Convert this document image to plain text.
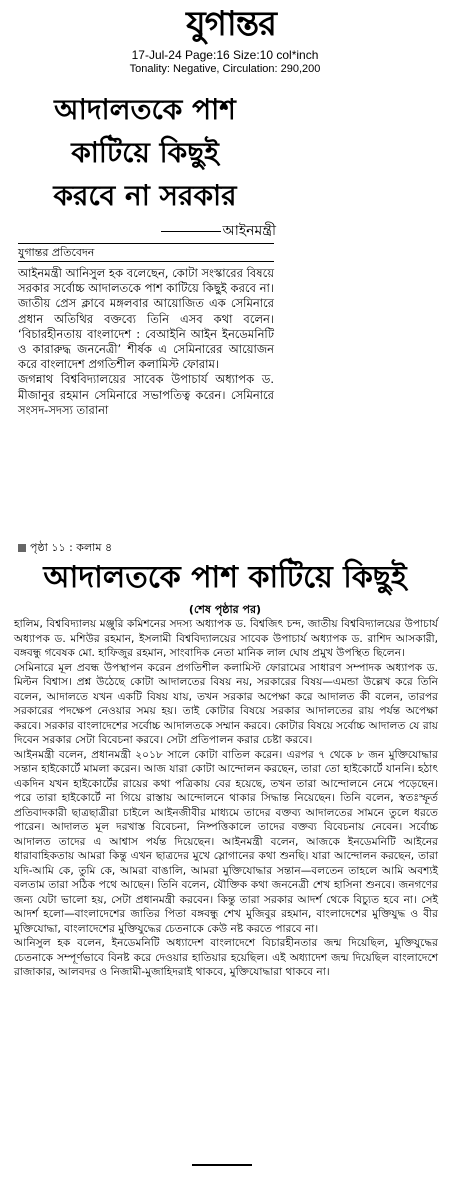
যুগান্তর
17-Jul-24 Page:16 Size:10 col*inch
Tonality: Negative, Circulation: 290,200
আদালতকে পাশ
কাটিয়ে কিছুই
করবে না সরকার
আইনমন্ত্রী
যুগান্তর প্রতিবেদন

আইনমন্ত্রী আনিসুল হক বলেছেন, কোটা সংস্কারের বিষয়ে সরকার সর্বোচ্চ আদালতকে পাশ কাটিয়ে কিছুই করবে না। জাতীয় প্রেস ক্লাবে মঙ্গলবার আয়োজিত এক সেমিনারে প্রধান অতিথির বক্তব্যে তিনি এসব কথা বলেন। ‘বিচারহীনতায় বাংলাদেশ : বেআইনি আইন ইনডেমনিটি ও কারারুদ্ধ জননেত্রী’ শীর্ষক এ সেমিনারের আয়োজন করে বাংলাদেশ প্রগতিশীল কলামিস্ট ফোরাম।

জগন্নাথ বিশ্ববিদ্যালয়ের সাবেক উপাচার্য অধ্যাপক ড. মীজানুর রহমান সেমিনারে সভাপতিত্ব করেন। সেমিনারে সংসদ-সদস্য তারানা

পৃষ্ঠা ১১ : কলাম ৪
আদালতকে পাশ কাটিয়ে কিছুই
(শেষ পৃষ্ঠার পর)

হালিম, বিশ্ববিদ্যালয় মঞ্জুরি কমিশনের সদস্য অধ্যাপক ড. বিশ্বজিৎ চন্দ, জাতীয় বিশ্ববিদ্যালয়ের উপাচার্য অধ্যাপক ড. মশিউর রহমান, ইসলামী বিশ্ববিদ্যালয়ের সাবেক উপাচার্য অধ্যাপক ড. রাশিদ আসকারী, বঙ্গবন্ধু গবেষক মো. হাফিজুর রহমান, সাংবাদিক নেতা মানিক লাল ঘোষ প্রমুখ উপস্থিত ছিলেন।

সেমিনারে মূল প্রবন্ধ উপস্থাপন করেন প্রগতিশীল কলামিস্ট ফোরামের সাধারণ সম্পাদক অধ্যাপক ড. মিল্টন বিশ্বাস। প্রশ্ন উঠেছে কোটা আদালতের বিষয় নয়, সরকারের বিষয়—এমন্ডা উল্লেখ করে তিনি বলেন, আদালতে যখন একটি বিষয় যায়, তখন সরকার অপেক্ষা করে আদালত কী বলেন, তারপর সরকারের পদক্ষেপ নেওয়ার সময় হয়। তাই কোটার বিষয়ে সরকার আদালতের রায় পর্যন্ত অপেক্ষা করবে। সরকার বাংলাদেশের সর্বোচ্চ আদালতকে সম্মান করবে। কোটার বিষয়ে সর্বোচ্চ আদালত যে রায় দিবেন সরকার সেটা বিবেচনা করবে। সেটা প্রতিপালন করার চেষ্টা করবে।

আইনমন্ত্রী বলেন, প্রধানমন্ত্রী ২০১৮ সালে কোটা বাতিল করেন। এরপর ৭ থেকে ৮ জন মুক্তিযোদ্ধার সন্তান হাইকোর্টে মামলা করেন। আজ যারা কোটা আন্দোলন করছেন, তারা তো হাইকোর্টে যাননি। হঠাৎ একদিন যখন হাইকোর্টের রায়ের কথা পত্রিকায় বের হয়েছে, তখন তারা আন্দোলনে নেমে পড়েছেন। পরে তারা হাইকোর্টে না গিয়ে রাস্তায় আন্দোলনে থাকার সিদ্ধান্ত নিয়েছেন। তিনি বলেন, স্বতঃস্ফূর্ত প্রতিবাদকারী ছাত্রছাত্রীরা চাইলে আইনজীবীর মাধ্যমে তাদের বক্তব্য আদালতের সামনে তুলে ধরতে পারেন। আদালত মূল দরখাস্ত বিবেচনা, নিষ্পত্তিকালে তাদের বক্তব্য বিবেচনায় নেবেন। সর্বোচ্চ আদালত তাদের এ আশ্বাস পর্যন্ত দিয়েছেন। আইনমন্ত্রী বলেন, আজকে ইনডেমনিটি আইনের ধারাবাহিকতায় আমরা কিন্তু এখন ছাত্রদের মুখে স্লোগানের কথা শুনছি। যারা আন্দোলন করছেন, তারা যদি-আমি কে, তুমি কে, আমরা বাঙালি, আমরা মুক্তিযোদ্ধার সন্তান—বলতেন তাহলে আমি অবশ্যই বলতাম তারা সঠিক পথে আছেন। তিনি বলেন, যৌক্তিক কথা জননেত্রী শেখ হাসিনা শুনবে। জনগণের জন্য যেটা ভালো হয়, সেটা প্রধানমন্ত্রী করবেন। কিন্তু তারা সরকার আদর্শ থেকে বিচ্যুত হবে না। সেই আদর্শ হলো—বাংলাদেশের জাতির পিতা বঙ্গবন্ধু শেখ মুজিবুর রহমান, বাংলাদেশের মুক্তিযুদ্ধ ও বীর মুক্তিযোদ্ধা, বাংলাদেশের মুক্তিযুদ্ধের চেতনাকে কেউ নষ্ট করতে পারবে না।

আনিসুল হক বলেন, ইনডেমনিটি অধ্যাদেশ বাংলাদেশে বিচারহীনতার জন্ম দিয়েছিল, মুক্তিযুদ্ধের চেতনাকে সম্পূর্ণভাবে বিনষ্ট করে দেওয়ার হাতিয়ার হয়েছিল। এই অধ্যাদেশ জন্ম দিয়েছিল বাংলাদেশে রাজাকার, আলবদর ও নিজামী-মুজাহিদরাই থাকবে, মুক্তিযোদ্ধারা থাকবে না।
